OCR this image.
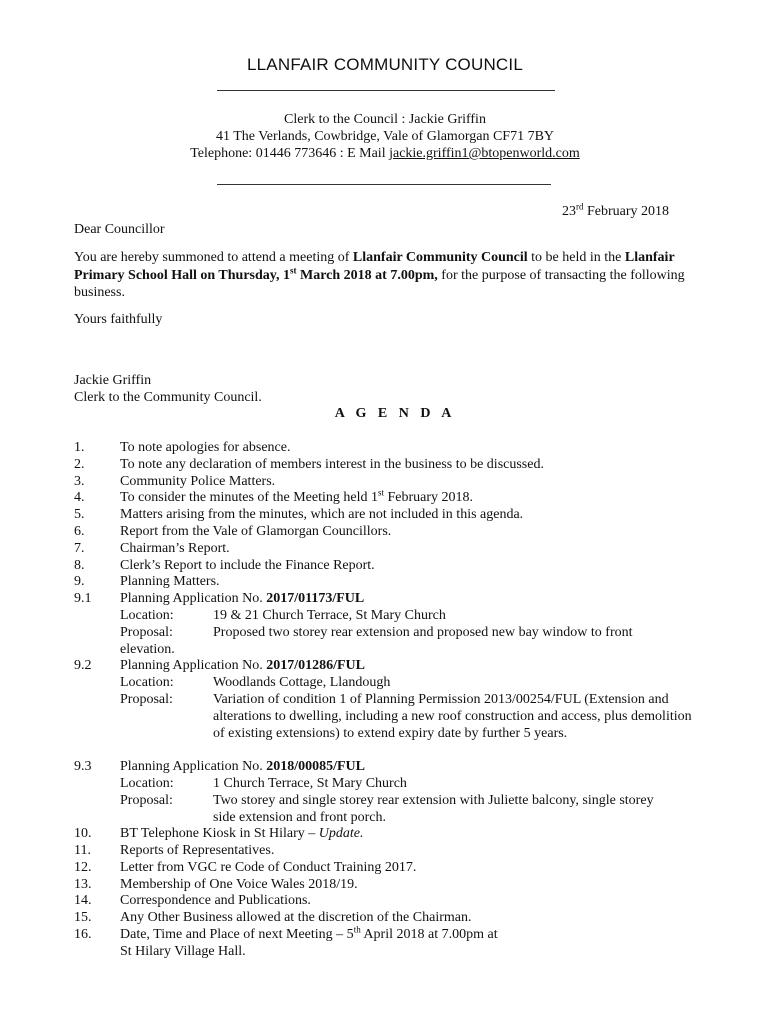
LLANFAIR COMMUNITY COUNCIL
Clerk to the Council : Jackie Griffin
41 The Verlands, Cowbridge, Vale of Glamorgan CF71 7BY
Telephone: 01446 773646 : E Mail jackie.griffin1@btopenworld.com
23rd February 2018
Dear Councillor
You are hereby summoned to attend a meeting of Llanfair Community Council to be held in the Llanfair Primary School Hall on Thursday, 1st March 2018 at 7.00pm, for the purpose of transacting the following business.
Yours faithfully
Jackie Griffin
Clerk to the Community Council.
A G E N D A
1.	To note apologies for absence.
2.	To note any declaration of members interest in the business to be discussed.
3.	Community Police Matters.
4.	To consider the minutes of the Meeting held 1st February 2018.
5.	Matters arising from the minutes, which are not included in this agenda.
6.	Report from the Vale of Glamorgan Councillors.
7.	Chairman’s Report.
8.	Clerk’s Report to include the Finance Report.
9.	Planning Matters.
9.1 Planning Application No. 2017/01173/FUL
Location:	19 & 21 Church Terrace, St Mary Church
Proposal:	Proposed two storey rear extension and proposed new bay window to front
elevation.
9.2 Planning Application No. 2017/01286/FUL
Location:	Woodlands Cottage, Llandough
Proposal:	Variation of condition 1 of Planning Permission 2013/00254/FUL (Extension and alterations to dwelling, including a new roof construction and access, plus demolition of existing extensions) to extend expiry date by further 5 years.
9.3 Planning Application No. 2018/00085/FUL
Location:	1 Church Terrace, St Mary Church
Proposal:	Two storey and single storey rear extension with Juliette balcony, single storey side extension and front porch.
10. BT Telephone Kiosk in St Hilary – Update.
11. Reports of Representatives.
12. Letter from VGC re Code of Conduct Training 2017.
13. Membership of One Voice Wales 2018/19.
14. Correspondence and Publications.
15. Any Other Business allowed at the discretion of the Chairman.
16. Date, Time and Place of next Meeting – 5th April 2018 at 7.00pm at
St Hilary Village Hall.
